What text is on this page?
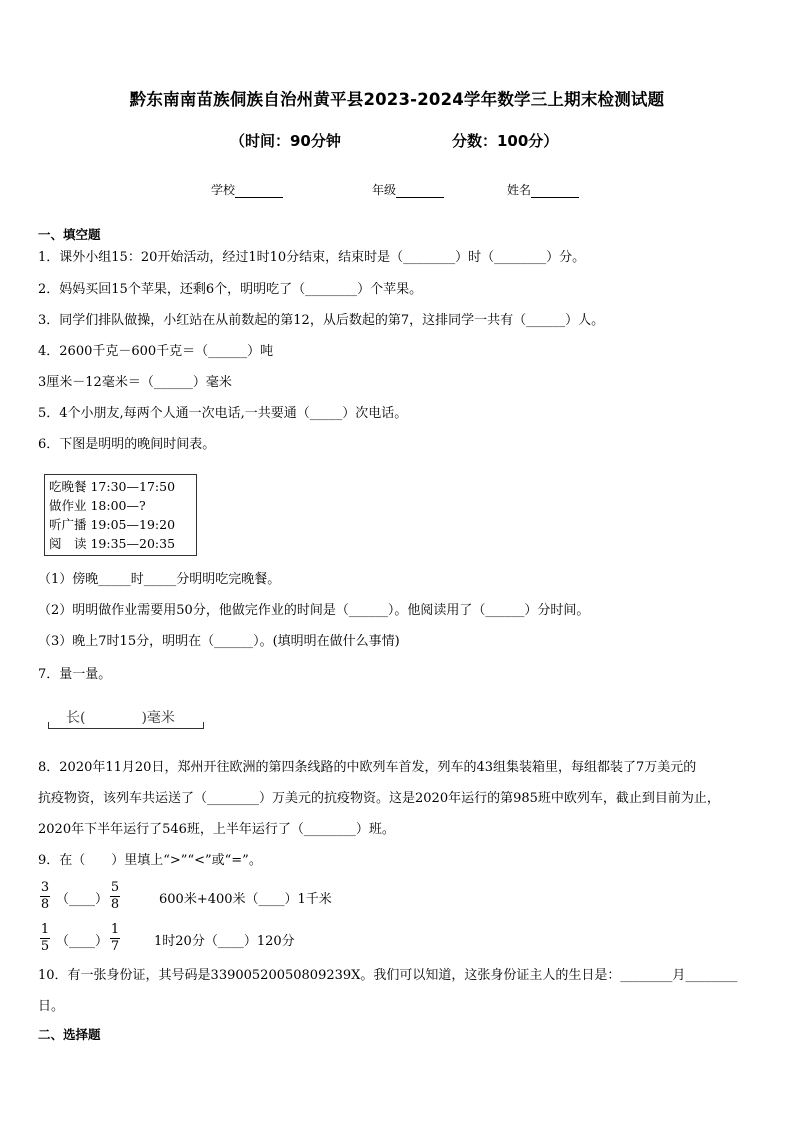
黔东南南苗族侗族自治州黄平县2023-2024学年数学三上期末检测试题
（时间：90分钟	分数：100分）
学校	年级	姓名
一、填空题
1．课外小组15：20开始活动，经过1时10分结束，结束时是（________）时（________）分。
2．妈妈买回15个苹果，还剩6个，明明吃了（________）个苹果。
3．同学们排队做操，小红站在从前数起的第12，从后数起的第7，这排同学一共有（______）人。
4．2600千克－600千克＝（______）吨
3厘米－12毫米＝（______）毫米
5．4个小朋友,每两个人通一次电话,一共要通（_____）次电话。
6．下图是明明的晚间时间表。
吃晚餐 17:30—17:50
做作业 18:00—?
听广播 19:05—19:20
阅　读 19:35—20:35
（1）傍晚_____时_____分明明吃完晚餐。
（2）明明做作业需要用50分，他做完作业的时间是（______）。他阅读用了（______）分时间。
（3）晚上7时15分，明明在（______）。(填明明在做什么事情)
7．量一量。
长(　　　　)毫米
8．2020年11月20日，郑州开往欧洲的第四条线路的中欧列车首发，列车的43组集装箱里，每组都装了7万美元的
抗疫物资，该列车共运送了（________）万美元的抗疫物资。这是2020年运行的第985班中欧列车，截止到目前为止，
2020年下半年运行了546班，上半年运行了（________）班。
9．在（　　）里填上“>”“<”或“=”。
3
8 （____）
5
8	600米+400米（____）1千米
1
5 （____）
1
7	1时20分（____）120分
10．有一张身份证，其号码是339005200508092​39X。我们可以知道，这张身份证主人的生日是：________月________
日。
二、选择题
